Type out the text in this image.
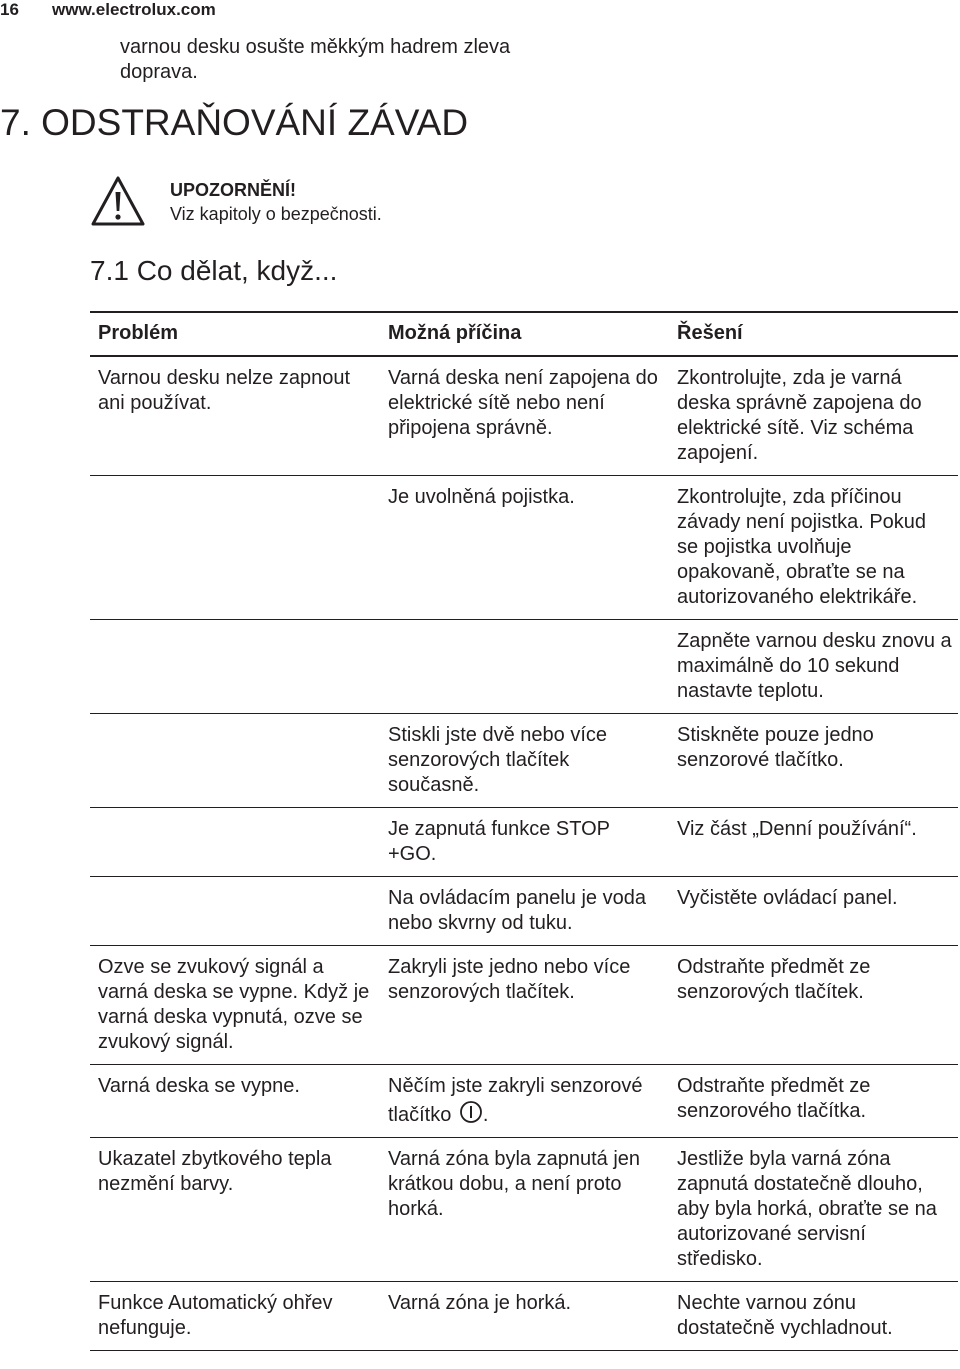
16 www.electrolux.com
varnou desku osušte měkkým hadrem zleva doprava.
7. ODSTRAŇOVÁNÍ ZÁVAD
UPOZORNĚNÍ!
Viz kapitoly o bezpečnosti.
7.1 Co dělat, když...
Problém	Možná příčina	Řešení
Varnou desku nelze zapnout ani používat.	Varná deska není zapojena do elektrické sítě nebo není připojena správně.	Zkontrolujte, zda je varná deska správně zapojena do elektrické sítě. Viz schéma zapojení.
	Je uvolněná pojistka.	Zkontrolujte, zda příčinou závady není pojistka. Pokud se pojistka uvolňuje opakovaně, obraťte se na autorizovaného elektrikáře.
		Zapněte varnou desku znovu a maximálně do 10 sekund nastavte teplotu.
	Stiskli jste dvě nebo více senzorových tlačítek současně.	Stiskněte pouze jedno senzorové tlačítko.
	Je zapnutá funkce STOP +GO.	Viz část „Denní používání“.
	Na ovládacím panelu je voda nebo skvrny od tuku.	Vyčistěte ovládací panel.
Ozve se zvukový signál a varná deska se vypne. Když je varná deska vypnutá, ozve se zvukový signál.	Zakryli jste jedno nebo více senzorových tlačítek.	Odstraňte předmět ze senzorových tlačítek.
Varná deska se vypne.	Něčím jste zakryli senzorové tlačítko .	Odstraňte předmět ze senzorového tlačítka.
Ukazatel zbytkového tepla nezmění barvy.	Varná zóna byla zapnutá jen krátkou dobu, a není proto horká.	Jestliže byla varná zóna zapnutá dostatečně dlouho, aby byla horká, obraťte se na autorizované servisní středisko.
Funkce Automatický ohřev nefunguje.	Varná zóna je horká.	Nechte varnou zónu dostatečně vychladnout.
